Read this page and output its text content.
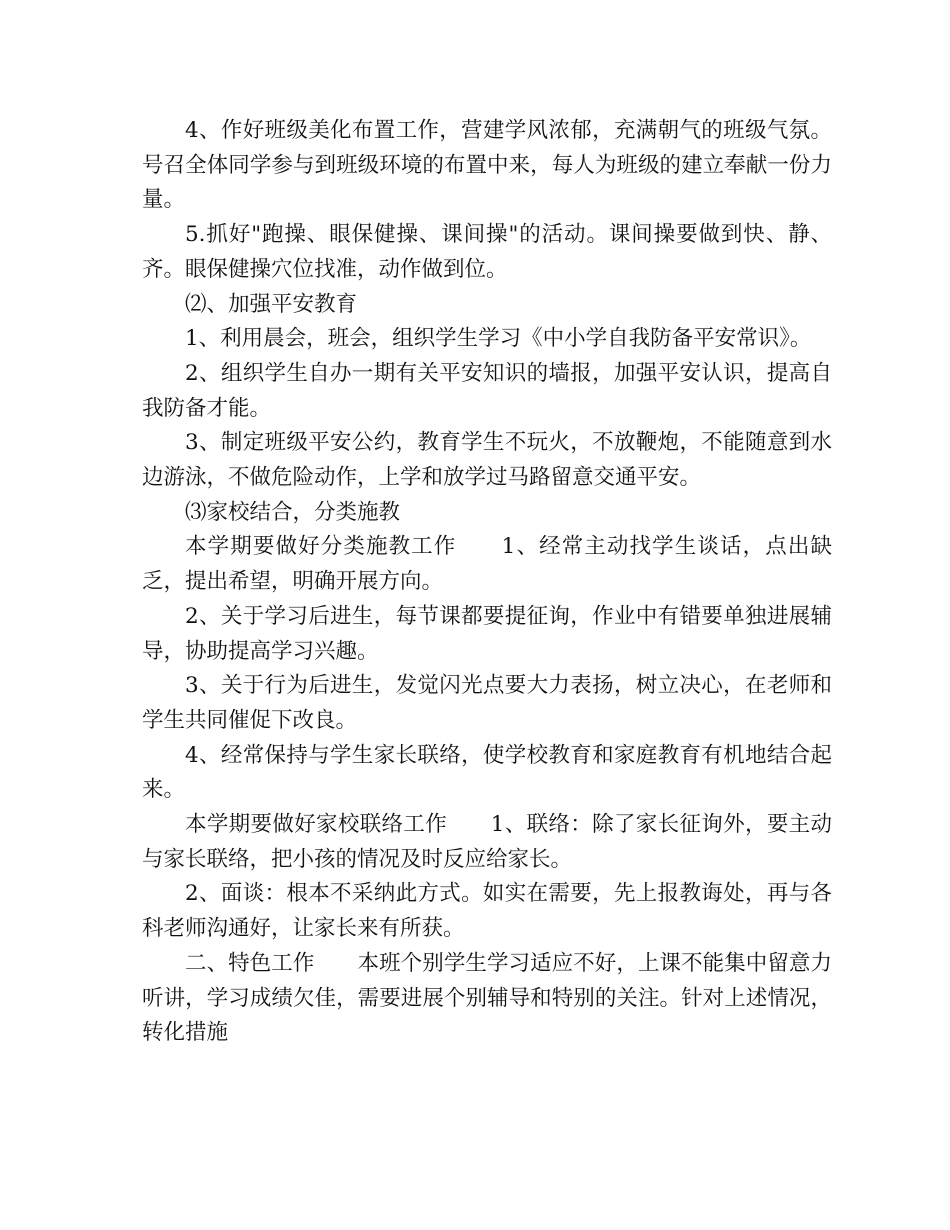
4、作好班级美化布置工作，营建学风浓郁，充满朝气的班级气氛。号召全体同学参与到班级环境的布置中来，每人为班级的建立奉献一份力量。

5.抓好"跑操、眼保健操、课间操"的活动。课间操要做到快、静、齐。眼保健操穴位找准，动作做到位。

⑵、加强平安教育

1、利用晨会，班会，组织学生学习《中小学自我防备平安常识》。

2、组织学生自办一期有关平安知识的墙报，加强平安认识，提高自我防备才能。

3、制定班级平安公约，教育学生不玩火，不放鞭炮，不能随意到水边游泳，不做危险动作，上学和放学过马路留意交通平安。

⑶家校结合，分类施教

本学期要做好分类施教工作　　1、经常主动找学生谈话，点出缺乏，提出希望，明确开展方向。

2、关于学习后进生，每节课都要提征询，作业中有错要单独进展辅导，协助提高学习兴趣。

3、关于行为后进生，发觉闪光点要大力表扬，树立决心，在老师和学生共同催促下改良。

4、经常保持与学生家长联络，使学校教育和家庭教育有机地结合起来。

本学期要做好家校联络工作　　1、联络：除了家长征询外，要主动与家长联络，把小孩的情况及时反应给家长。

2、面谈：根本不采纳此方式。如实在需要，先上报教诲处，再与各科老师沟通好，让家长来有所获。

二、特色工作　　本班个别学生学习适应不好，上课不能集中留意力听讲，学习成绩欠佳，需要进展个别辅导和特别的关注。针对上述情况，转化措施
